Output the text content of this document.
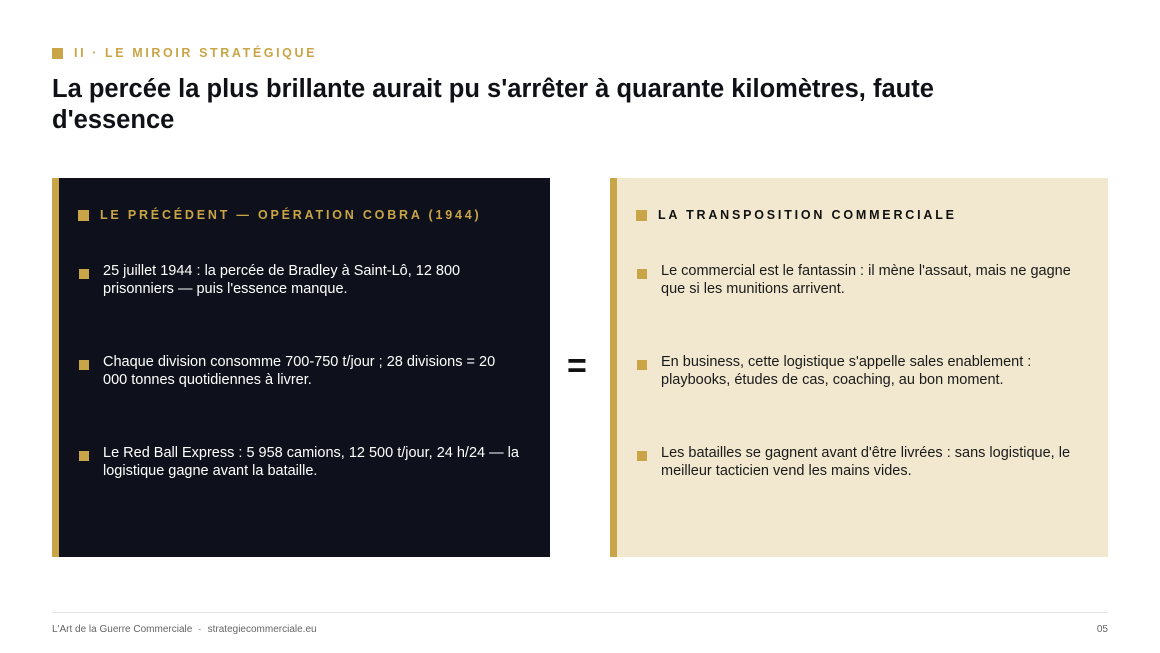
II · LE MIROIR STRATÉGIQUE
La percée la plus brillante aurait pu s'arrêter à quarante kilomètres, faute d'essence
LE PRÉCÉDENT — OPÉRATION COBRA (1944)
25 juillet 1944 : la percée de Bradley à Saint-Lô, 12 800 prisonniers — puis l'essence manque.
Chaque division consomme 700-750 t/jour ; 28 divisions = 20 000 tonnes quotidiennes à livrer.
Le Red Ball Express : 5 958 camions, 12 500 t/jour, 24 h/24 — la logistique gagne avant la bataille.
=
LA TRANSPOSITION COMMERCIALE
Le commercial est le fantassin : il mène l'assaut, mais ne gagne que si les munitions arrivent.
En business, cette logistique s'appelle sales enablement : playbooks, études de cas, coaching, au bon moment.
Les batailles se gagnent avant d'être livrées : sans logistique, le meilleur tacticien vend les mains vides.
L'Art de la Guerre Commerciale · strategiecommerciale.eu	05
